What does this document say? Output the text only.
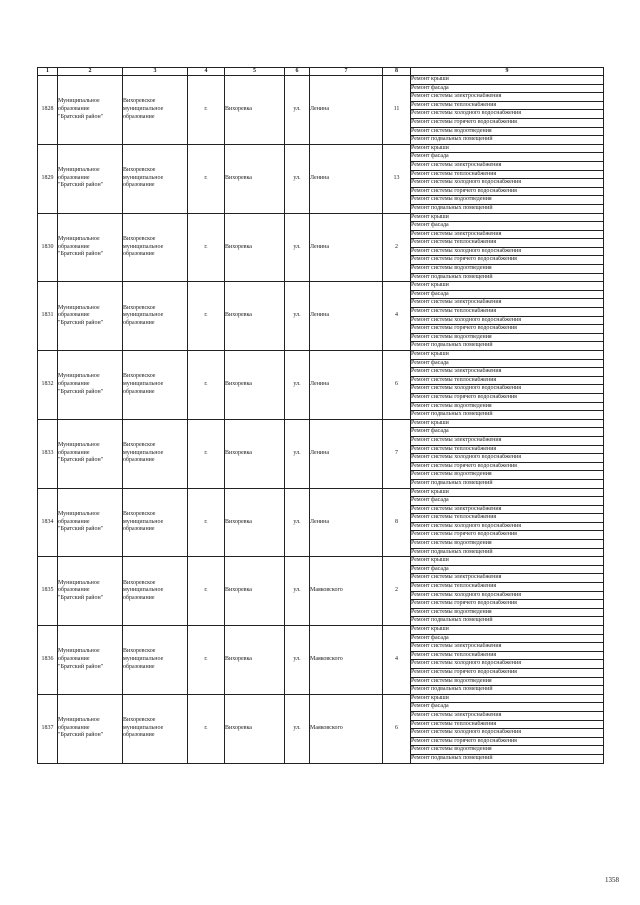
1	2	3	4	5	6	7	8	9

1828	Муниципальное
образование
"Братский район"	Вихоревское
муниципальное
образование	г.	Вихоревка	ул.	Ленина	11	Ремонт крыши
								Ремонт фасада
								Ремонт системы электроснабжения
								Ремонт системы теплоснабжения
								Ремонт системы холодного водоснабжения
								Ремонт системы горячего водоснабжения
								Ремонт системы водоотведения
								Ремонт подвальных помещений

1829	Муниципальное
образование
"Братский район"	Вихоревское
муниципальное
образование	г.	Вихоревка	ул.	Ленина	13	Ремонт крыши
								Ремонт фасада
								Ремонт системы электроснабжения
								Ремонт системы теплоснабжения
								Ремонт системы холодного водоснабжения
								Ремонт системы горячего водоснабжения
								Ремонт системы водоотведения
								Ремонт подвальных помещений

1830	Муниципальное
образование
"Братский район"	Вихоревское
муниципальное
образование	г.	Вихоревка	ул.	Ленина	2	Ремонт крыши
								Ремонт фасада
								Ремонт системы электроснабжения
								Ремонт системы теплоснабжения
								Ремонт системы холодного водоснабжения
								Ремонт системы горячего водоснабжения
								Ремонт системы водоотведения
								Ремонт подвальных помещений

1831	Муниципальное
образование
"Братский район"	Вихоревское
муниципальное
образование	г.	Вихоревка	ул.	Ленина	4	Ремонт крыши
								Ремонт фасада
								Ремонт системы электроснабжения
								Ремонт системы теплоснабжения
								Ремонт системы холодного водоснабжения
								Ремонт системы горячего водоснабжения
								Ремонт системы водоотведения
								Ремонт подвальных помещений

1832	Муниципальное
образование
"Братский район"	Вихоревское
муниципальное
образование	г.	Вихоревка	ул.	Ленина	6	Ремонт крыши
								Ремонт фасада
								Ремонт системы электроснабжения
								Ремонт системы теплоснабжения
								Ремонт системы холодного водоснабжения
								Ремонт системы горячего водоснабжения
								Ремонт системы водоотведения
								Ремонт подвальных помещений

1833	Муниципальное
образование
"Братский район"	Вихоревское
муниципальное
образование	г.	Вихоревка	ул.	Ленина	7	Ремонт крыши
								Ремонт фасада
								Ремонт системы электроснабжения
								Ремонт системы теплоснабжения
								Ремонт системы холодного водоснабжения
								Ремонт системы горячего водоснабжения
								Ремонт системы водоотведения
								Ремонт подвальных помещений

1834	Муниципальное
образование
"Братский район"	Вихоревское
муниципальное
образование	г.	Вихоревка	ул.	Ленина	8	Ремонт крыши
								Ремонт фасада
								Ремонт системы электроснабжения
								Ремонт системы теплоснабжения
								Ремонт системы холодного водоснабжения
								Ремонт системы горячего водоснабжения
								Ремонт системы водоотведения
								Ремонт подвальных помещений

1835	Муниципальное
образование
"Братский район"	Вихоревское
муниципальное
образование	г.	Вихоревка	ул.	Маяковского	2	Ремонт крыши
								Ремонт фасада
								Ремонт системы электроснабжения
								Ремонт системы теплоснабжения
								Ремонт системы холодного водоснабжения
								Ремонт системы горячего водоснабжения
								Ремонт системы водоотведения
								Ремонт подвальных помещений

1836	Муниципальное
образование
"Братский район"	Вихоревское
муниципальное
образование	г.	Вихоревка	ул.	Маяковского	4	Ремонт крыши
								Ремонт фасада
								Ремонт системы электроснабжения
								Ремонт системы теплоснабжения
								Ремонт системы холодного водоснабжения
								Ремонт системы горячего водоснабжения
								Ремонт системы водоотведения
								Ремонт подвальных помещений

1837	Муниципальное
образование
"Братский район"	Вихоревское
муниципальное
образование	г.	Вихоревка	ул.	Маяковского	6	Ремонт крыши
								Ремонт фасада
								Ремонт системы электроснабжения
								Ремонт системы теплоснабжения
								Ремонт системы холодного водоснабжения
								Ремонт системы горячего водоснабжения
								Ремонт системы водоотведения
								Ремонт подвальных помещений
1358
